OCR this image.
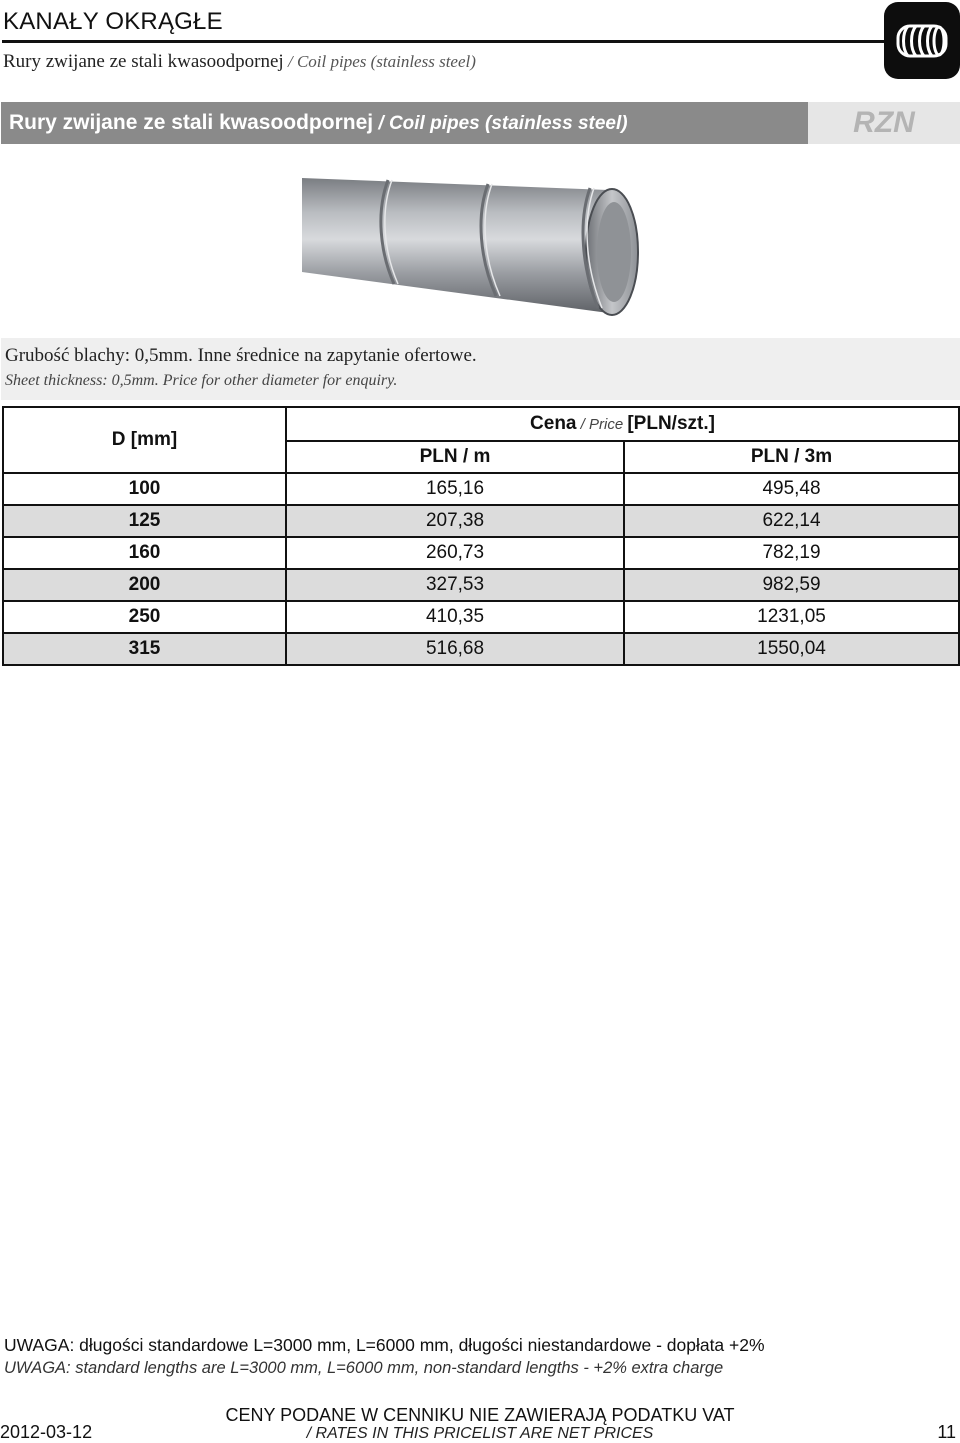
KANAŁY OKRĄGŁE
Rury zwijane ze stali kwasoodpornej / Coil pipes (stainless steel)
Rury zwijane ze stali kwasoodpornej / Coil pipes (stainless steel)	RZN
Grubość blachy: 0,5mm. Inne średnice na zapytanie ofertowe.
Sheet thickness: 0,5mm. Price for other diameter for enquiry.
D [mm]	Cena / Price [PLN/szt.]	
	PLN / m	PLN / 3m
100	165,16	495,48
125	207,38	622,14
160	260,73	782,19
200	327,53	982,59
250	410,35	1231,05
315	516,68	1550,04
UWAGA: długości standardowe L=3000 mm, L=6000 mm, długości niestandardowe - dopłata +2%
UWAGA: standard lengths are L=3000 mm, L=6000 mm, non-standard lengths - +2% extra charge
CENY PODANE W CENNIKU NIE ZAWIERAJĄ PODATKU VAT
/ RATES IN THIS PRICELIST ARE NET PRICES
2012-03-12	11
